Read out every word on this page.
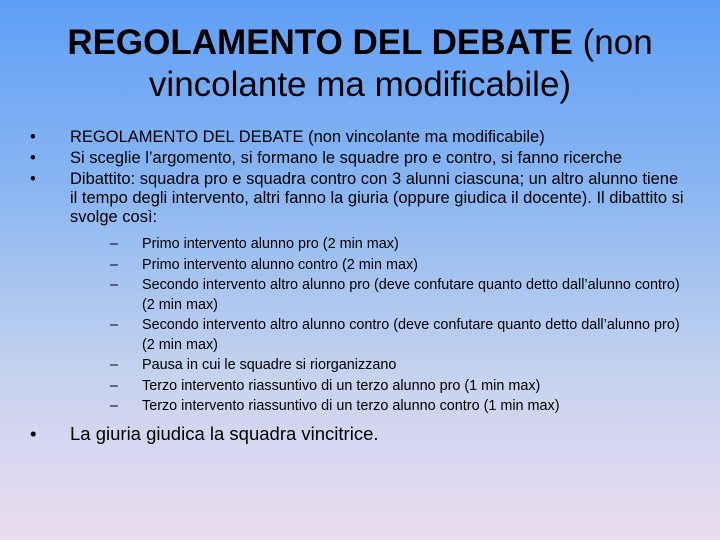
REGOLAMENTO DEL DEBATE (non vincolante ma modificabile)
•	REGOLAMENTO DEL DEBATE (non vincolante ma modificabile)
•	Si sceglie l’argomento, si formano le squadre pro e contro, si fanno ricerche
•	Dibattito: squadra pro e squadra contro con 3 alunni ciascuna; un altro alunno tiene il tempo degli intervento, altri fanno la giuria (oppure giudica il docente). Il dibattito si svolge così:
– Primo intervento alunno pro (2 min max)
– Primo intervento alunno contro (2 min max)
– Secondo intervento altro alunno pro (deve confutare quanto detto dall’alunno contro) (2 min max)
– Secondo intervento altro alunno contro (deve confutare quanto detto dall’alunno pro) (2 min max)
– Pausa in cui le squadre si riorganizzano
– Terzo intervento riassuntivo di un terzo alunno pro (1 min max)
– Terzo intervento riassuntivo di un terzo alunno contro (1 min max)
•	La giuria giudica la squadra vincitrice.
